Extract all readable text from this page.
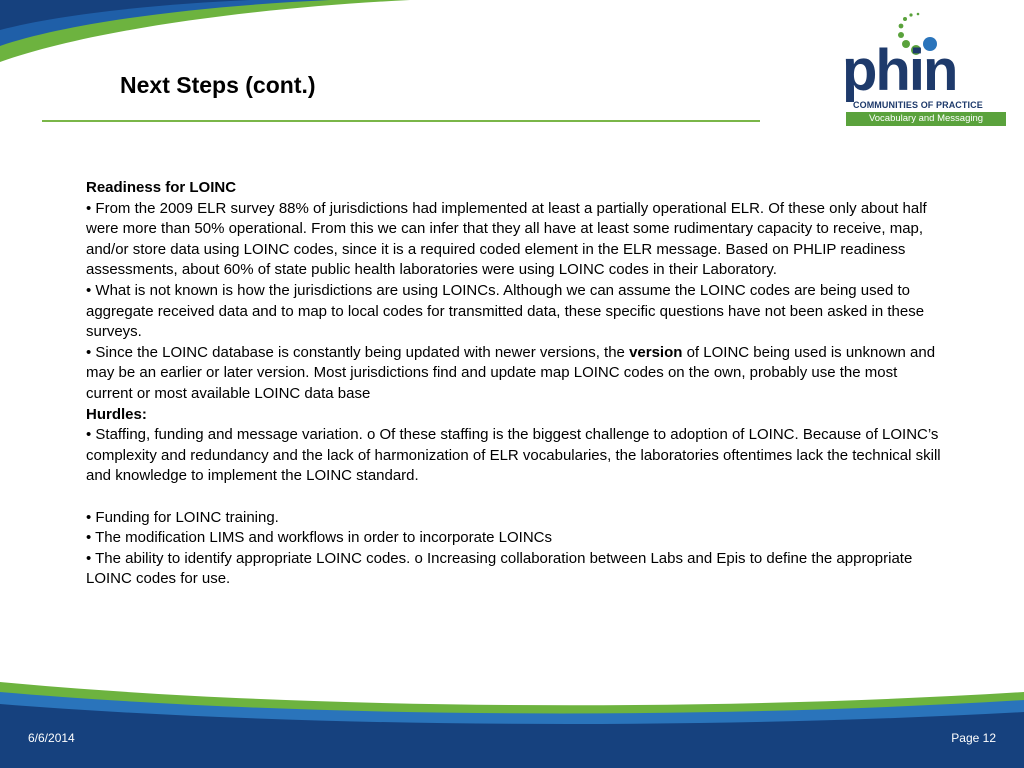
Next Steps (cont.)	phin
COMMUNITIES OF PRACTICE
Vocabulary and Messaging

Readiness for LOINC

• From the 2009 ELR survey 88% of jurisdictions had implemented at least a partially operational ELR. Of these only about half were more than 50% operational. From this we can infer that they all have at least some rudimentary capacity to receive, map, and/or store data using LOINC codes, since it is a required coded element in the ELR message. Based on PHLIP readiness assessments, about 60% of state public health laboratories were using LOINC codes in their Laboratory.

• What is not known is how the jurisdictions are using LOINCs. Although we can assume the LOINC codes are being used to aggregate received data and to map to local codes for transmitted data, these specific questions have not been asked in these surveys.

• Since the LOINC database is constantly being updated with newer versions, the version of LOINC being used is unknown and may be an earlier or later version. Most jurisdictions find and update map LOINC codes on the own, probably use the most current or most available LOINC data base

Hurdles:

• Staffing, funding and message variation. o Of these staffing is the biggest challenge to adoption of LOINC. Because of LOINC’s complexity and redundancy and the lack of harmonization of ELR vocabularies, the laboratories oftentimes lack the technical skill and knowledge to implement the LOINC standard.

• Funding for LOINC training.

• The modification LIMS and workflows in order to incorporate LOINCs

• The ability to identify appropriate LOINC codes. o Increasing collaboration between Labs and Epis to define the appropriate LOINC codes for use.

6/6/2014	Page 12
